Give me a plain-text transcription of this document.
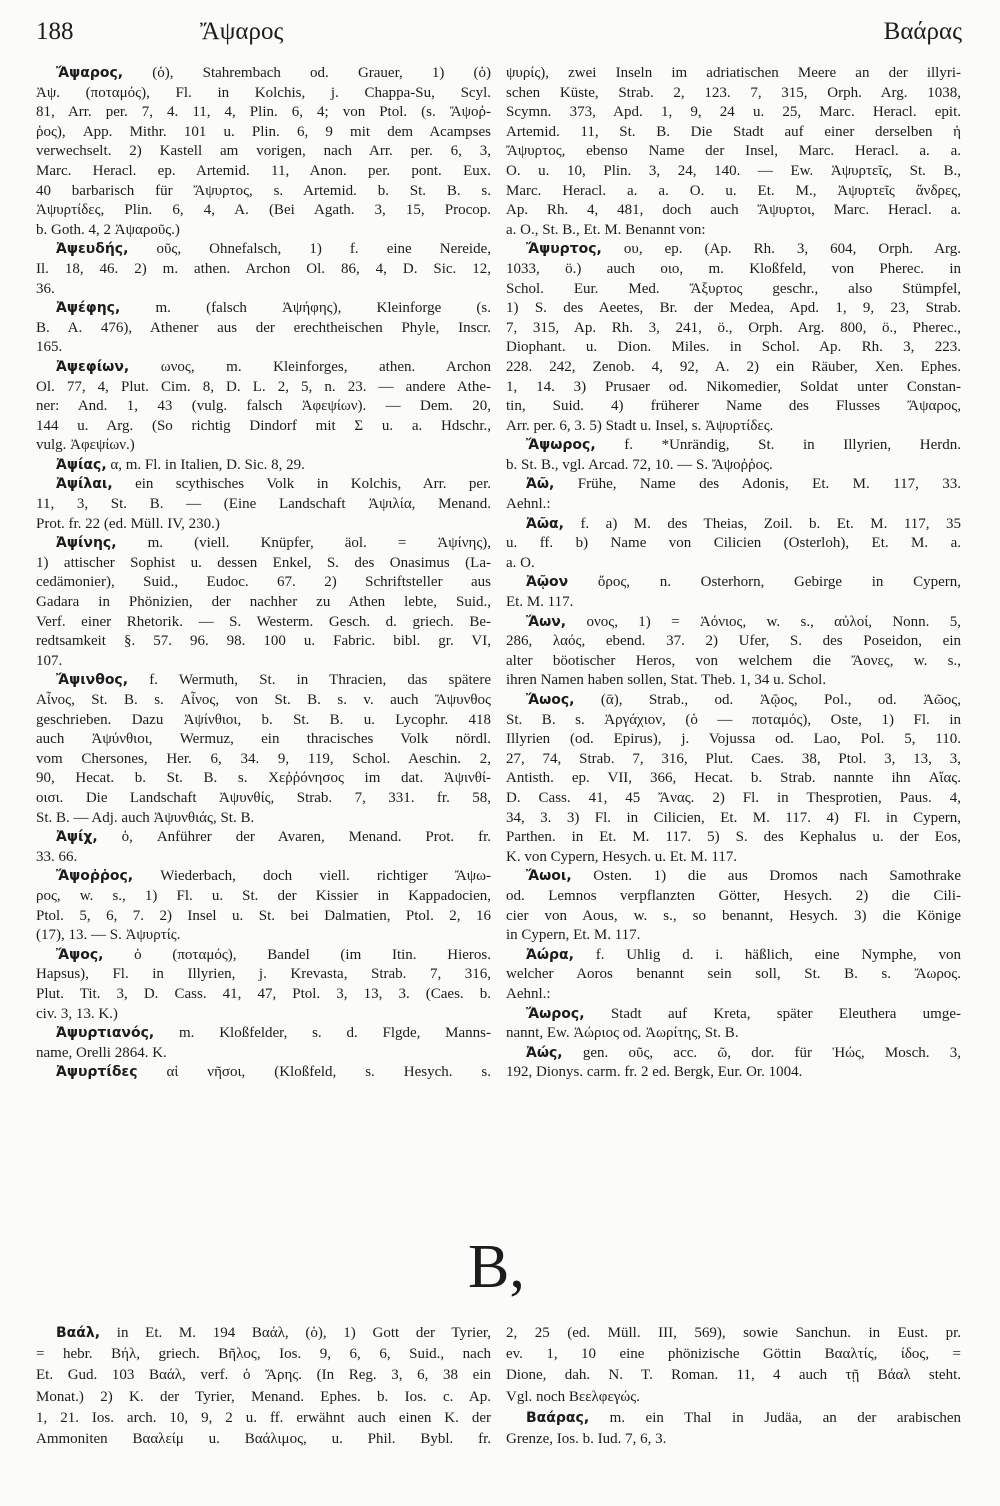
188	Ἄψαρος	Βαάρας
Ἄψαρος, (ὁ), Stahrembach od. Grauer, 1) (ὁ)
Ἀψ. (ποταμός), Fl. in Kolchis, j. Chappa-Su, Scyl.
81, Arr. per. 7, 4. 11, 4, Plin. 6, 4; von Ptol. (s. Ἄψοῤ-
ῥος), App. Mithr. 101 u. Plin. 6, 9 mit dem Acampses
verwechselt. 2) Kastell am vorigen, nach Arr. per. 6, 3,
Marc. Heracl. ep. Artemid. 11, Anon. per. pont. Eux.
40 barbarisch für Ἄψυρτος, s. Artemid. b. St. B. s.
Ἀψυρτίδες, Plin. 6, 4, A. (Bei Agath. 3, 15, Procop.
b. Goth. 4, 2 Ἀψαροῦς.)
Ἀψευδής, οῦς, Ohnefalsch, 1) f. eine Nereide,
Il. 18, 46. 2) m. athen. Archon Ol. 86, 4, D. Sic. 12,
36.
Ἀψέφης, m. (falsch Ἀψήφης), Kleinforge (s.
B. A. 476), Athener aus der erechtheischen Phyle, Inscr.
165.
Ἀψεφίων, ωνος, m. Kleinforges, athen. Archon
Ol. 77, 4, Plut. Cim. 8, D. L. 2, 5, n. 23. — andere Athe-
ner: And. 1, 43 (vulg. falsch Ἀφεψίων). — Dem. 20,
144 u. Arg. (So richtig Dindorf mit Σ u. a. Hdschr.,
vulg. Ἀφεψίων.)
Ἀψίας, α, m. Fl. in Italien, D. Sic. 8, 29.
Ἀψίλαι, ein scythisches Volk in Kolchis, Arr. per.
11, 3, St. B. — (Eine Landschaft Ἀψιλία, Menand.
Prot. fr. 22 (ed. Müll. IV, 230.)
Ἀψίνης, m. (viell. Knüpfer, äol. = Ἁψίνης),
1) attischer Sophist u. dessen Enkel, S. des Onasimus (La-
cedämonier), Suid., Eudoc. 67. 2) Schriftsteller aus
Gadara in Phönizien, der nachher zu Athen lebte, Suid.,
Verf. einer Rhetorik. — S. Westerm. Gesch. d. griech. Be-
redtsamkeit §. 57. 96. 98. 100 u. Fabric. bibl. gr. VI,
107.
Ἄψινθος, f. Wermuth, St. in Thracien, das spätere
Αἶνος, St. B. s. Αἶνος, von St. B. s. v. auch Ἄψυνθος
geschrieben. Dazu Ἀψίνθιοι, b. St. B. u. Lycophr. 418
auch Ἀψύνθιοι, Wermuz, ein thracisches Volk nördl.
vom Chersones, Her. 6, 34. 9, 119, Schol. Aeschin. 2,
90, Hecat. b. St. B. s. Χεῤῥόνησος im dat. Ἀψινθί-
οισι. Die Landschaft Ἀψυνθίς, Strab. 7, 331. fr. 58,
St. B. — Adj. auch Ἀψυνθιάς, St. B.
Ἀψίχ, ὁ, Anführer der Avaren, Menand. Prot. fr.
33. 66.
Ἄψοῤῥος, Wiederbach, doch viell. richtiger Ἄψω-
ρος, w. s., 1) Fl. u. St. der Kissier in Kappadocien,
Ptol. 5, 6, 7. 2) Insel u. St. bei Dalmatien, Ptol. 2, 16
(17), 13. — S. Ἀψυρτίς.
Ἄψος, ὁ (ποταμός), Bandel (im Itin. Hieros.
Hapsus), Fl. in Illyrien, j. Krevasta, Strab. 7, 316,
Plut. Tit. 3, D. Cass. 41, 47, Ptol. 3, 13, 3. (Caes. b.
civ. 3, 13. K.)
Ἀψυρτιανός, m. Kloßfelder, s. d. Flgde, Manns-
name, Orelli 2864. K.
Ἀψυρτίδες αἱ νῆσοι, (Kloßfeld, s. Hesych. s.
ψυρίς), zwei Inseln im adriatischen Meere an der illyri-
schen Küste, Strab. 2, 123. 7, 315, Orph. Arg. 1038,
Scymn. 373, Apd. 1, 9, 24 u. 25, Marc. Heracl. epit.
Artemid. 11, St. B. Die Stadt auf einer derselben ἡ
Ἄψυρτος, ebenso Name der Insel, Marc. Heracl. a. a.
O. u. 10, Plin. 3, 24, 140. — Ew. Ἀψυρτεῖς, St. B.,
Marc. Heracl. a. a. O. u. Et. M., Ἀψυρτεῖς ἄνδρες,
Ap. Rh. 4, 481, doch auch Ἄψυρτοι, Marc. Heracl. a.
a. O., St. B., Et. M. Benannt von:
Ἄψυρτος, ου, ep. (Ap. Rh. 3, 604, Orph. Arg.
1033, ö.) auch οιο, m. Kloßfeld, von Pherec. in
Schol. Eur. Med. Ἄξυρτος geschr., also Stümpfel,
1) S. des Aeetes, Br. der Medea, Apd. 1, 9, 23, Strab.
7, 315, Ap. Rh. 3, 241, ö., Orph. Arg. 800, ö., Pherec.,
Diophant. u. Dion. Miles. in Schol. Ap. Rh. 3, 223.
228. 242, Zenob. 4, 92, A. 2) ein Räuber, Xen. Ephes.
1, 14. 3) Prusaer od. Nikomedier, Soldat unter Constan-
tin, Suid. 4) früherer Name des Flusses Ἄψαρος,
Arr. per. 6, 3. 5) Stadt u. Insel, s. Ἀψυρτίδες.
Ἄψωρος, f. *Unrändig, St. in Illyrien, Herdn.
b. St. B., vgl. Arcad. 72, 10. — S. Ἄψοῤῥος.
Ἀῶ, Frühe, Name des Adonis, Et. M. 117, 33.
Aehnl.:
Ἀῶα, f. a) M. des Theias, Zoil. b. Et. M. 117, 35
u. ff. b) Name von Cilicien (Osterloh), Et. M. a.
a. O.
Ἀῷον ὄρος, n. Osterhorn, Gebirge in Cypern,
Et. M. 117.
Ἄων, ονος, 1) = Ἀόνιος, w. s., αὐλοί, Nonn. 5,
286, λαός, ebend. 37. 2) Ufer, S. des Poseidon, ein
alter böotischer Heros, von welchem die Ἄονες, w. s.,
ihren Namen haben sollen, Stat. Theb. 1, 34 u. Schol.
Ἄωος, (ᾱ), Strab., od. Ἀῷος, Pol., od. Ἀῶος,
St. B. s. Ἀργάχιον, (ὁ — ποταμός), Oste, 1) Fl. in
Illyrien (od. Epirus), j. Vojussa od. Lao, Pol. 5, 110.
27, 74, Strab. 7, 316, Plut. Caes. 38, Ptol. 3, 13, 3,
Antisth. ep. VII, 366, Hecat. b. Strab. nannte ihn Αἴας.
D. Cass. 41, 45 Ἄνας. 2) Fl. in Thesprotien, Paus. 4,
34, 3. 3) Fl. in Cilicien, Et. M. 117. 4) Fl. in Cypern,
Parthen. in Et. M. 117. 5) S. des Kephalus u. der Eos,
K. von Cypern, Hesych. u. Et. M. 117.
Ἄωοι, Osten. 1) die aus Dromos nach Samothrake
od. Lemnos verpflanzten Götter, Hesych. 2) die Cili-
cier von Aous, w. s., so benannt, Hesych. 3) die Könige
in Cypern, Et. M. 117.
Ἀώρα, f. Uhlig d. i. häßlich, eine Nymphe, von
welcher Aoros benannt sein soll, St. B. s. Ἄωρος.
Aehnl.:
Ἄωρος, Stadt auf Kreta, später Eleuthera umge-
nannt, Ew. Ἀώριος od. Ἀωρίτης, St. B.
Ἀώς, gen. οῦς, acc. ῶ, dor. für Ἠώς, Mosch. 3,
192, Dionys. carm. fr. 2 ed. Bergk, Eur. Or. 1004.
B,
Βαάλ, in Et. M. 194 Βαάλ, (ὁ), 1) Gott der Tyrier,
= hebr. Βήλ, griech. Βῆλος, Ios. 9, 6, 6, Suid., nach
Et. Gud. 103 Βαάλ, verf. ὁ Ἄρης. (In Reg. 3, 6, 38 ein
Monat.) 2) K. der Tyrier, Menand. Ephes. b. Ios. c. Ap.
1, 21. Ios. arch. 10, 9, 2 u. ff. erwähnt auch einen K. der
Ammoniten Βααλείμ u. Βαάλιμος, u. Phil. Bybl. fr.
2, 25 (ed. Müll. III, 569), sowie Sanchun. in Eust. pr.
ev. 1, 10 eine phönizische Göttin Βααλτίς, ίδος, =
Dione, dah. N. T. Roman. 11, 4 auch τῇ Βάαλ steht.
Vgl. noch Βεελφεγώς.
Βαάρας, m. ein Thal in Judäa, an der arabischen
Grenze, Ios. b. Iud. 7, 6, 3.
